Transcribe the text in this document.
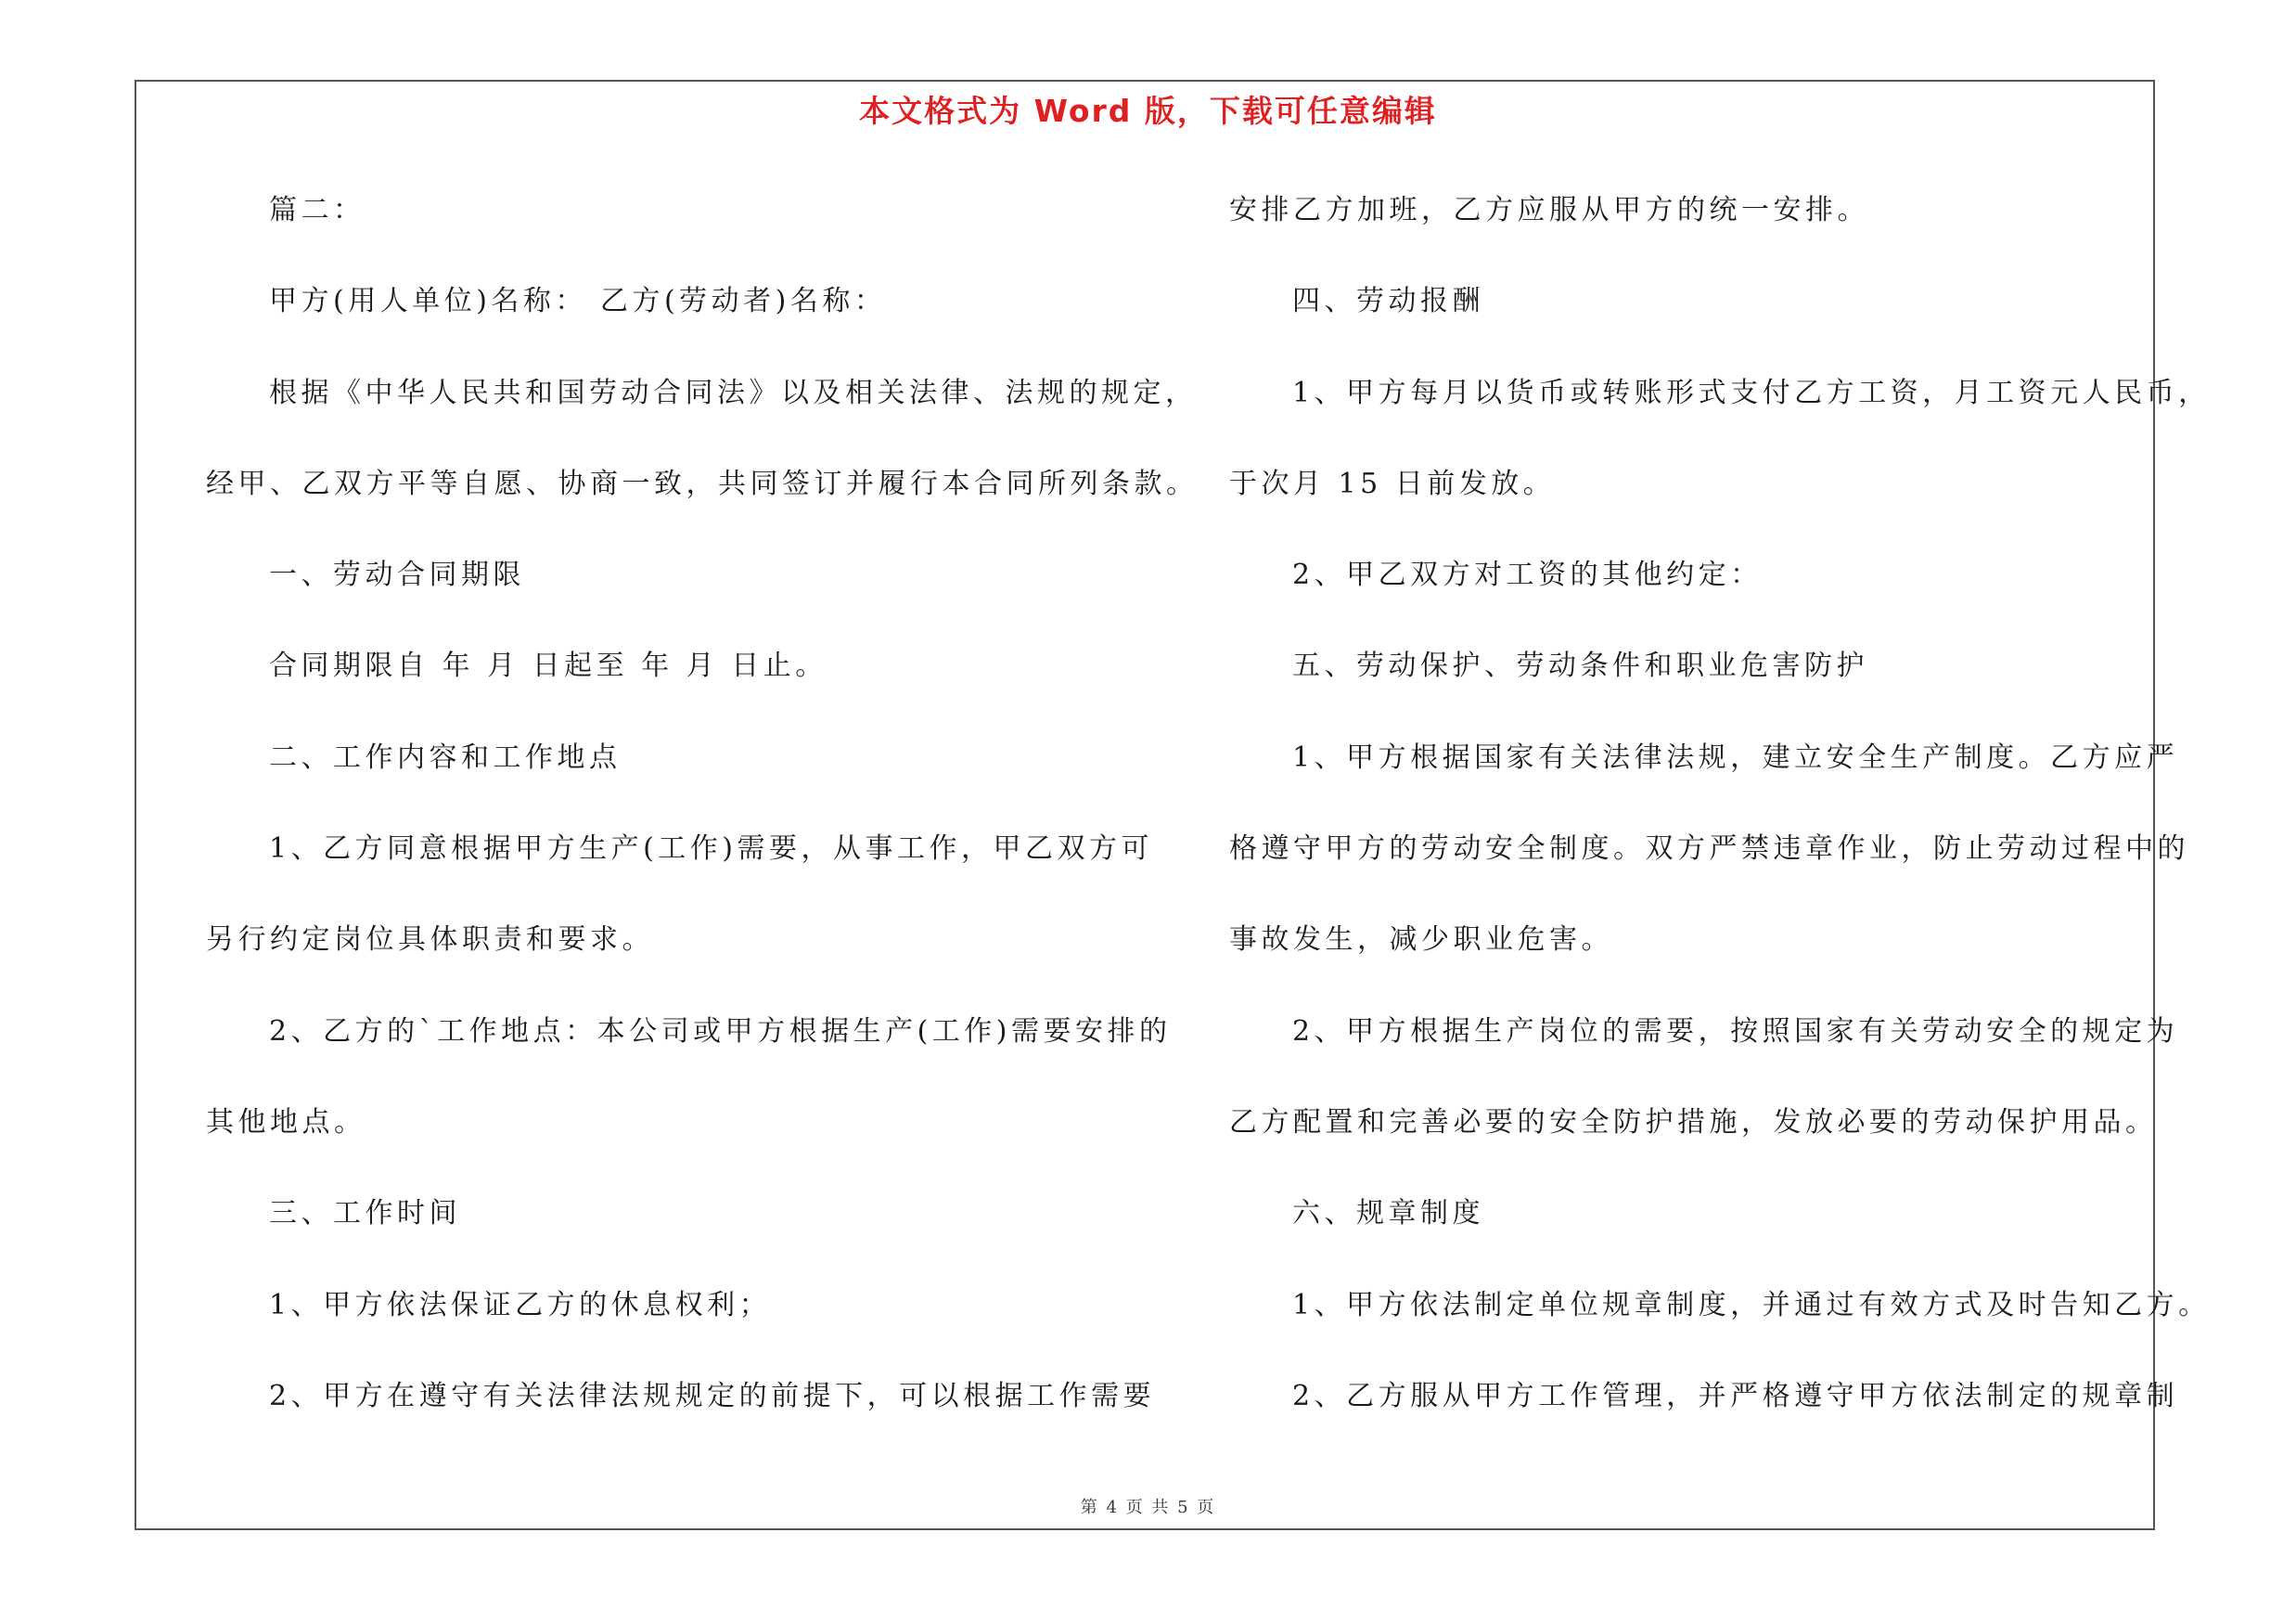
本文格式为 Word 版，下载可任意编辑
篇二：
甲方(用人单位)名称： 乙方(劳动者)名称：
根据《中华人民共和国劳动合同法》以及相关法律、法规的规定，
经甲、乙双方平等自愿、协商一致，共同签订并履行本合同所列条款。
一、劳动合同期限
合同期限自 年 月 日起至 年 月 日止。
二、工作内容和工作地点
1、乙方同意根据甲方生产(工作)需要，从事工作，甲乙双方可
另行约定岗位具体职责和要求。
2、乙方的`工作地点：本公司或甲方根据生产(工作)需要安排的
其他地点。
三、工作时间
1、甲方依法保证乙方的休息权利；
2、甲方在遵守有关法律法规规定的前提下，可以根据工作需要
安排乙方加班，乙方应服从甲方的统一安排。
四、劳动报酬
1、甲方每月以货币或转账形式支付乙方工资，月工资元人民币，
于次月 15 日前发放。
2、甲乙双方对工资的其他约定：
五、劳动保护、劳动条件和职业危害防护
1、甲方根据国家有关法律法规，建立安全生产制度。乙方应严
格遵守甲方的劳动安全制度。双方严禁违章作业，防止劳动过程中的
事故发生，减少职业危害。
2、甲方根据生产岗位的需要，按照国家有关劳动安全的规定为
乙方配置和完善必要的安全防护措施，发放必要的劳动保护用品。
六、规章制度
1、甲方依法制定单位规章制度，并通过有效方式及时告知乙方。
2、乙方服从甲方工作管理，并严格遵守甲方依法制定的规章制
第 4 页 共 5 页
